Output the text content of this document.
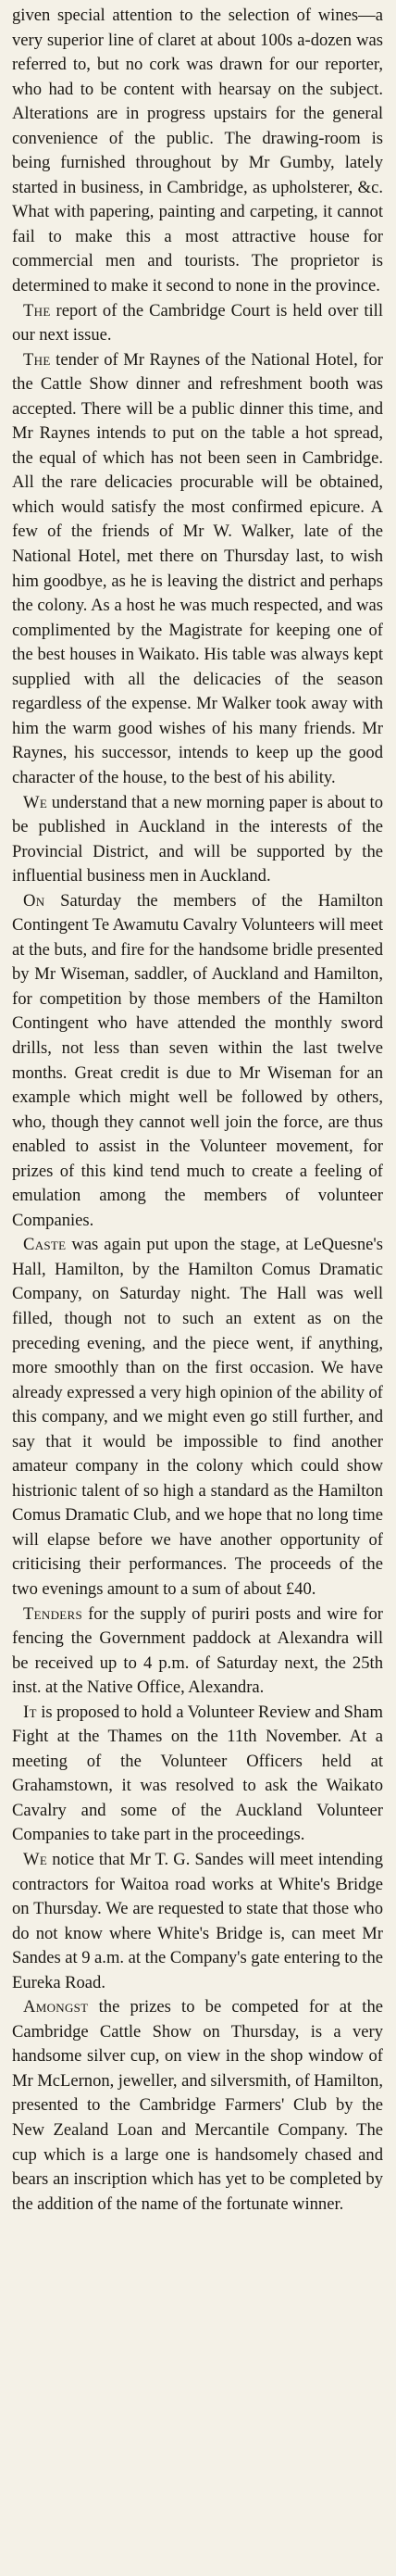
given special attention to the selection of wines—a very superior line of claret at about 100s a-dozen was referred to, but no cork was drawn for our reporter, who had to be content with hearsay on the subject. Alterations are in progress upstairs for the general convenience of the public. The drawing-room is being furnished throughout by Mr Gumby, lately started in business, in Cambridge, as upholsterer, &c. What with papering, painting and carpeting, it cannot fail to make this a most attractive house for commercial men and tourists. The proprietor is determined to make it second to none in the province.

The report of the Cambridge Court is held over till our next issue.

The tender of Mr Raynes of the National Hotel, for the Cattle Show dinner and refreshment booth was accepted. There will be a public dinner this time, and Mr Raynes intends to put on the table a hot spread, the equal of which has not been seen in Cambridge. All the rare delicacies procurable will be obtained, which would satisfy the most confirmed epicure. A few of the friends of Mr W. Walker, late of the National Hotel, met there on Thursday last, to wish him goodbye, as he is leaving the district and perhaps the colony. As a host he was much respected, and was complimented by the Magistrate for keeping one of the best houses in Waikato. His table was always kept supplied with all the delicacies of the season regardless of the expense. Mr Walker took away with him the warm good wishes of his many friends. Mr Raynes, his successor, intends to keep up the good character of the house, to the best of his ability.

We understand that a new morning paper is about to be published in Auckland in the interests of the Provincial District, and will be supported by the influential business men in Auckland.

On Saturday the members of the Hamilton Contingent Te Awamutu Cavalry Volunteers will meet at the buts, and fire for the handsome bridle presented by Mr Wiseman, saddler, of Auckland and Hamilton, for competition by those members of the Hamilton Contingent who have attended the monthly sword drills, not less than seven within the last twelve months. Great credit is due to Mr Wiseman for an example which might well be followed by others, who, though they cannot well join the force, are thus enabled to assist in the Volunteer movement, for prizes of this kind tend much to create a feeling of emulation among the members of volunteer Companies.

Caste was again put upon the stage, at LeQuesne's Hall, Hamilton, by the Hamilton Comus Dramatic Company, on Saturday night. The Hall was well filled, though not to such an extent as on the preceding evening, and the piece went, if anything, more smoothly than on the first occasion. We have already expressed a very high opinion of the ability of this company, and we might even go still further, and say that it would be impossible to find another amateur company in the colony which could show histrionic talent of so high a standard as the Hamilton Comus Dramatic Club, and we hope that no long time will elapse before we have another opportunity of criticising their performances. The proceeds of the two evenings amount to a sum of about £40.

Tenders for the supply of puriri posts and wire for fencing the Government paddock at Alexandra will be received up to 4 p.m. of Saturday next, the 25th inst. at the Native Office, Alexandra.

It is proposed to hold a Volunteer Review and Sham Fight at the Thames on the 11th November. At a meeting of the Volunteer Officers held at Grahamstown, it was resolved to ask the Waikato Cavalry and some of the Auckland Volunteer Companies to take part in the proceedings.

We notice that Mr T. G. Sandes will meet intending contractors for Waitoa road works at White's Bridge on Thursday. We are requested to state that those who do not know where White's Bridge is, can meet Mr Sandes at 9 a.m. at the Company's gate entering to the Eureka Road.

Amongst the prizes to be competed for at the Cambridge Cattle Show on Thursday, is a very handsome silver cup, on view in the shop window of Mr McLernon, jeweller, and silversmith, of Hamilton, presented to the Cambridge Farmers' Club by the New Zealand Loan and Mercantile Company. The cup which is a large one is handsomely chased and bears an inscription which has yet to be completed by the addition of the name of the fortunate winner.
